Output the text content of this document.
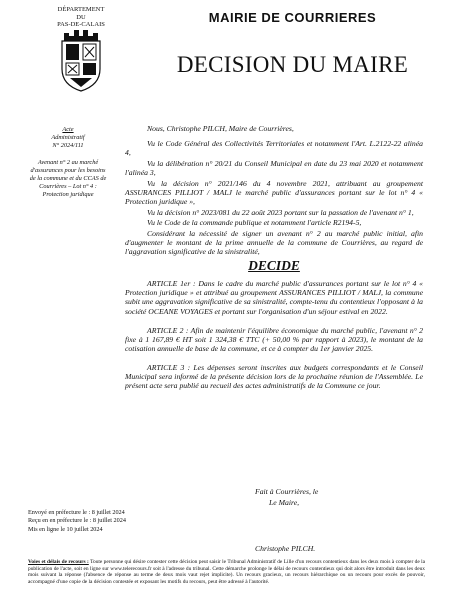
DÉPARTEMENT
DU
PAS-DE-CALAIS	MAIRIE DE COURRIERES
DECISION DU MAIRE
Acte
Administratif
N° 2024/111
Avenant n° 2 au marché d'assurances pour les besoins de la commune et du CCAS de Courrières – Lot n° 4 : Protection juridique

Nous, Christophe PILCH, Maire de Courrières,

Vu le Code Général des Collectivités Territoriales et notamment l'Art. L.2122-22 alinéa 4,

Vu la délibération n° 20/21 du Conseil Municipal en date du 23 mai 2020 et notamment l'alinéa 3,

Vu la décision n° 2021/146 du 4 novembre 2021, attribuant au groupement ASSURANCES PILLIOT / MALJ le marché public d'assurances portant sur le lot n° 4 « Protection juridique »,

Vu la décision n° 2023/081 du 22 août 2023 portant sur la passation de l'avenant n° 1,

Vu le Code de la commande publique et notamment l'article R2194-5,

Considérant la nécessité de signer un avenant n° 2 au marché public initial, afin d'augmenter le montant de la prime annuelle de la commune de Courrières, au regard de l'aggravation significative de la sinistralité,

DECIDE

ARTICLE 1er : Dans le cadre du marché public d'assurances portant sur le lot n° 4 « Protection juridique » et attribué au groupement ASSURANCES PILLIOT / MALJ, la commune subit une aggravation significative de sa sinistralité, compte-tenu du contentieux l'opposant à la société OCEANE VOYAGES et portant sur l'organisation d'un séjour estival en 2022.

ARTICLE 2 : Afin de maintenir l'équilibre économique du marché public, l'avenant n° 2 fixe à 1 167,89 € HT soit 1 324,38 € TTC (+ 50,00 % par rapport à 2023), le montant de la cotisation annuelle de base de la commune, et ce à compter du 1er janvier 2025.

ARTICLE 3 : Les dépenses seront inscrites aux budgets correspondants et le Conseil Municipal sera informé de la présente décision lors de la prochaine réunion de l'Assemblée. Le présent acte sera publié au recueil des actes administratifs de la Commune ce jour.

Fait à Courrières, le
Le Maire,
Envoyé en préfecture le : 8 juillet 2024
Reçu en en préfecture le : 8 juillet 2024
Mis en ligne le 10 juillet 2024
Christophe PILCH.
Voies et délais de recours : Toute personne qui désire contester cette décision peut saisir le Tribunal Administratif de Lille d'un recours contentieux dans les deux mois à compter de la publication de l'acte, soit en ligne sur www.telerecours.fr soit à l'adresse du tribunal. Cette démarche prolonge le délai de recours contentieux qui doit alors être introduit dans les deux mois suivant la réponse (l'absence de réponse au terme de deux mois vaut rejet implicite). Un recours gracieux, un recours hiérarchique ou un recours pour excès de pouvoir, accompagné d'une copie de la décision contestée et exposant les motifs du recours, peut être adressé à l'autorité.
